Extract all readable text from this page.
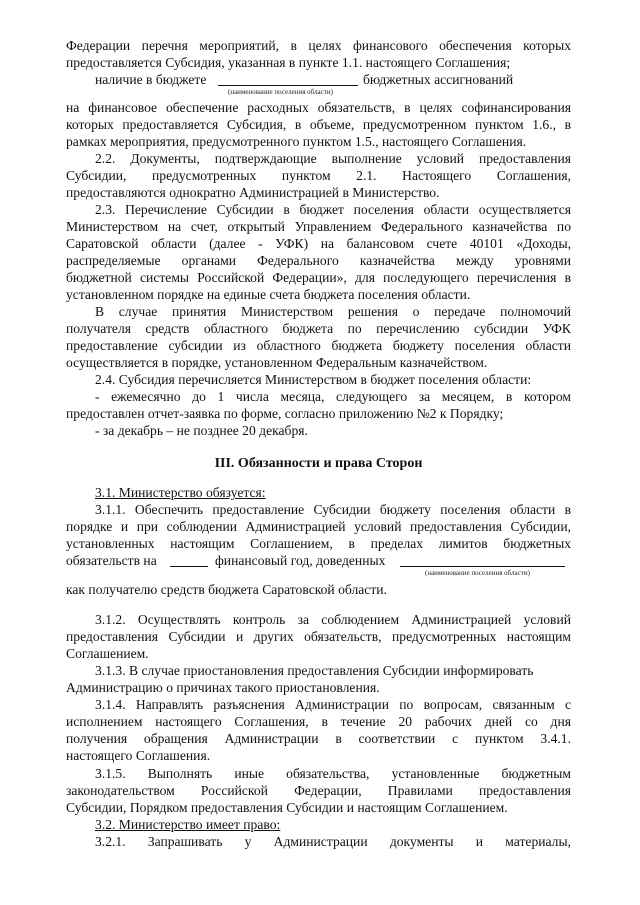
Федерации перечня мероприятий, в целях финансового обеспечения которых
предоставляется Субсидия, указанная в пункте 1.1. настоящего Соглашения;
наличие в бюджете	бюджетных ассигнований
(наименование поселения области)
на финансовое обеспечение расходных обязательств, в целях софинансирования
которых предоставляется Субсидия, в объеме, предусмотренном пунктом 1.6., в
рамках мероприятия, предусмотренного пунктом 1.5., настоящего Соглашения.
2.2. Документы, подтверждающие выполнение условий предоставления
Субсидии, предусмотренных пунктом 2.1. Настоящего Соглашения,
предоставляются однократно Администрацией в Министерство.
2.3. Перечисление Субсидии в бюджет поселения области осуществляется
Министерством на счет, открытый Управлением Федерального казначейства по
Саратовской области (далее - УФК) на балансовом счете 40101 «Доходы,
распределяемые органами Федерального казначейства между уровнями
бюджетной системы Российской Федерации», для последующего перечисления в
установленном порядке на единые счета бюджета поселения области.
В случае принятия Министерством решения о передаче полномочий
получателя средств областного бюджета по перечислению субсидии УФК
предоставление субсидии из областного бюджета бюджету поселения области
осуществляется в порядке, установленном Федеральным казначейством.
2.4. Субсидия перечисляется Министерством в бюджет поселения области:
- ежемесячно до 1 числа месяца, следующего за месяцем, в котором
предоставлен отчет-заявка по форме, согласно приложению №2 к Порядку;
- за декабрь – не позднее 20 декабря.
III. Обязанности и права Сторон
3.1. Министерство обязуется:
3.1.1. Обеспечить предоставление Субсидии бюджету поселения области в
порядке и при соблюдении Администрацией условий предоставления Субсидии,
установленных настоящим Соглашением, в пределах лимитов бюджетных
обязательств на	финансовый год, доведенных
(наименование поселения области)
как получателю средств бюджета Саратовской области.
3.1.2. Осуществлять контроль за соблюдением Администрацией условий
предоставления Субсидии и других обязательств, предусмотренных настоящим
Соглашением.
3.1.3. В случае приостановления предоставления Субсидии информировать
Администрацию о причинах такого приостановления.
3.1.4. Направлять разъяснения Администрации по вопросам, связанным с
исполнением настоящего Соглашения, в течение 20 рабочих дней со дня
получения обращения Администрации в соответствии с пунктом 3.4.1.
настоящего Соглашения.
3.1.5. Выполнять иные обязательства, установленные бюджетным
законодательством Российской Федерации, Правилами предоставления
Субсидии, Порядком предоставления Субсидии и настоящим Соглашением.
3.2. Министерство имеет право:
3.2.1. Запрашивать у Администрации документы и материалы,
